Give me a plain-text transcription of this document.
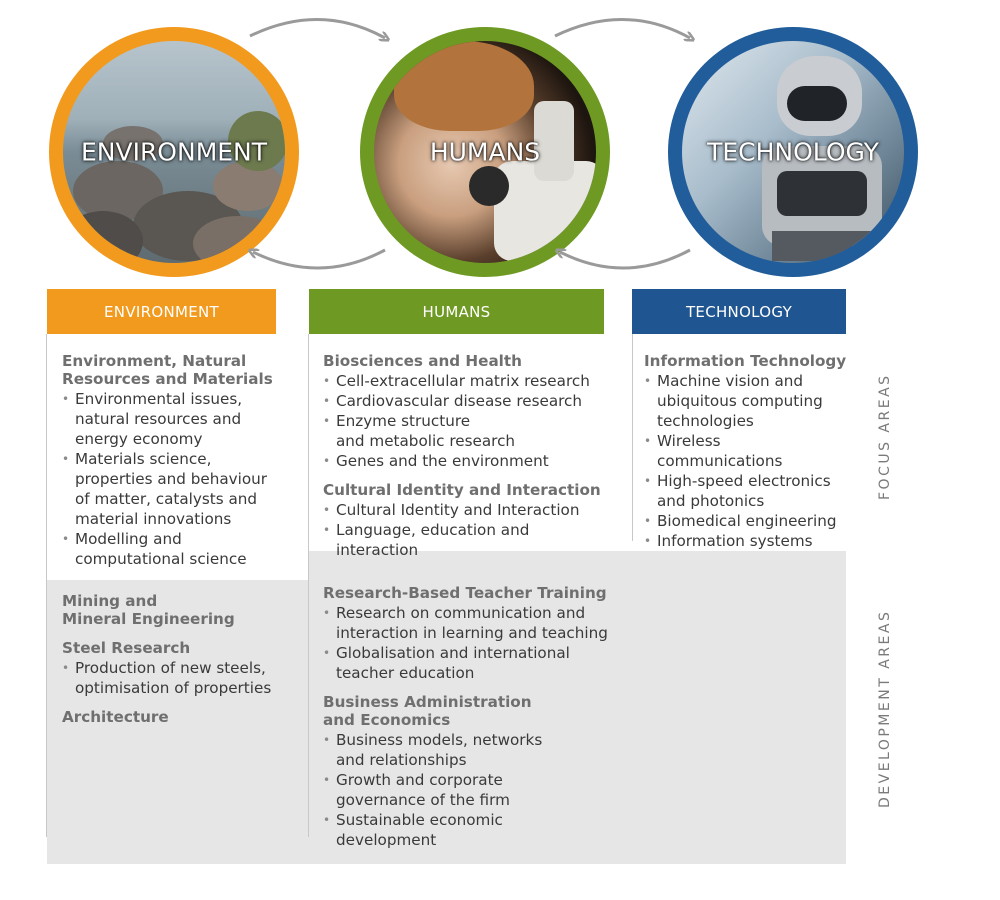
ENVIRONMENT	HUMANS	TECHNOLOGY
ENVIRONMENT	HUMANS	TECHNOLOGY
Environment, Natural
Resources and Materials
• Environmental issues,
natural resources and
energy economy
• Materials science,
properties and behaviour
of matter, catalysts and
material innovations
• Modelling and
computational science
Mining and
Mineral Engineering
Steel Research
• Production of new steels,
optimisation of properties
Architecture
Biosciences and Health
• Cell-extracellular matrix research
• Cardiovascular disease research
• Enzyme structure
and metabolic research
• Genes and the environment
Cultural Identity and Interaction
• Cultural Identity and Interaction
• Language, education and
interaction
Research-Based Teacher Training
• Research on communication and
interaction in learning and teaching
• Globalisation and international
teacher education
Business Administration
and Economics
• Business models, networks
and relationships
• Growth and corporate
governance of the firm
• Sustainable economic
development
Information Technology
• Machine vision and
ubiquitous computing
technologies
• Wireless
communications
• High-speed electronics
and photonics
• Biomedical engineering
• Information systems
FOCUS AREAS
DEVELOPMENT AREAS
